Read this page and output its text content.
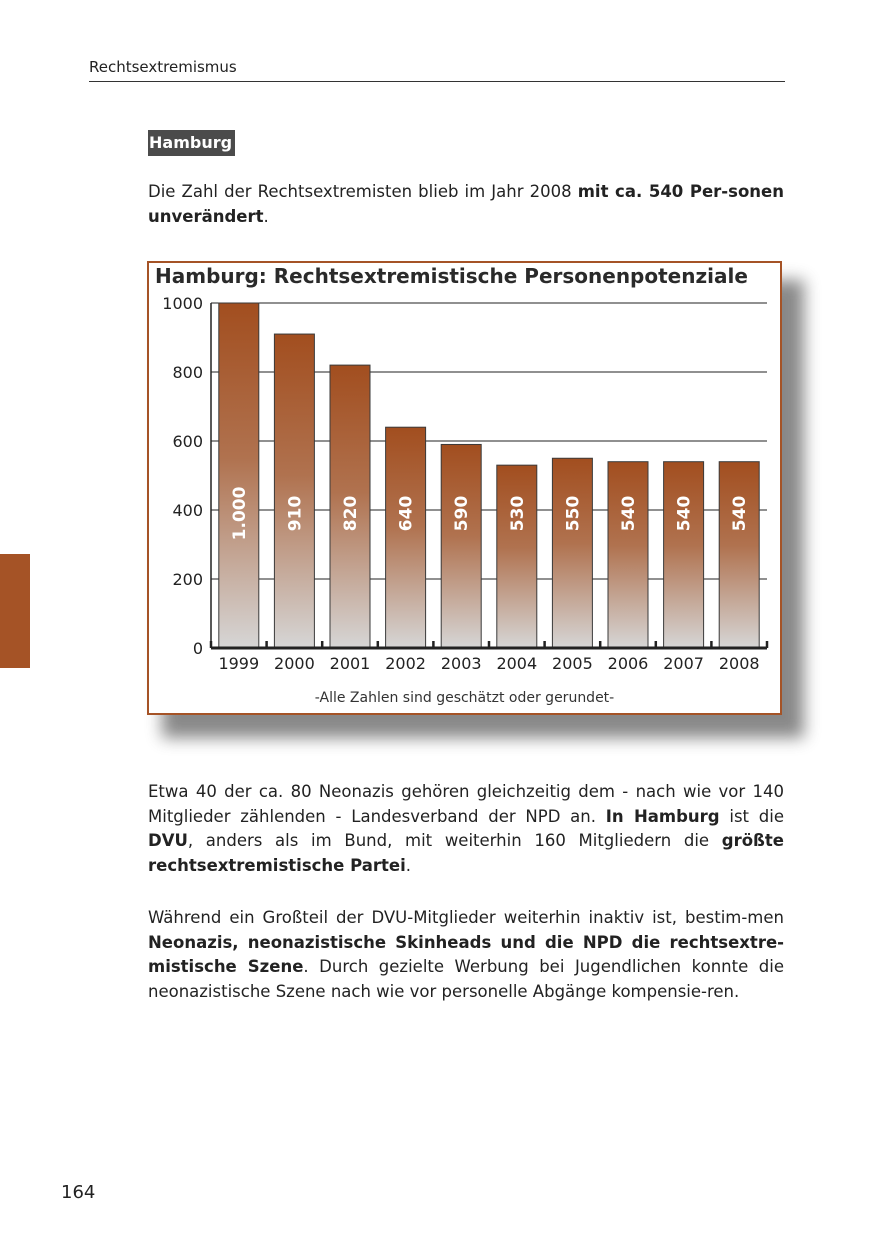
Rechtsextremismus
Hamburg

Die Zahl der Rechtsextremisten blieb im Jahr 2008 mit ca. 540 Per-sonen unverändert.

Hamburg: Rechtsextremistische Personenpotenziale
0
200
400
600
800
1000
1.000
1999
910
2000
820
2001
640
2002
590
2003
530
2004
550
2005
540
2006
540
2007
540
2008
-Alle Zahlen sind geschätzt oder gerundet-

Etwa 40 der ca. 80 Neonazis gehören gleichzeitig dem - nach wie vor 140 Mitglieder zählenden - Landesverband der NPD an. In Hamburg ist die DVU, anders als im Bund, mit weiterhin 160 Mitgliedern die größte rechtsextremistische Partei.

Während ein Großteil der DVU-Mitglieder weiterhin inaktiv ist, bestim-men Neonazis, neonazistische Skinheads und die NPD die rechtsextre-mistische Szene. Durch gezielte Werbung bei Jugendlichen konnte die neonazistische Szene nach wie vor personelle Abgänge kompensie-ren.

164
